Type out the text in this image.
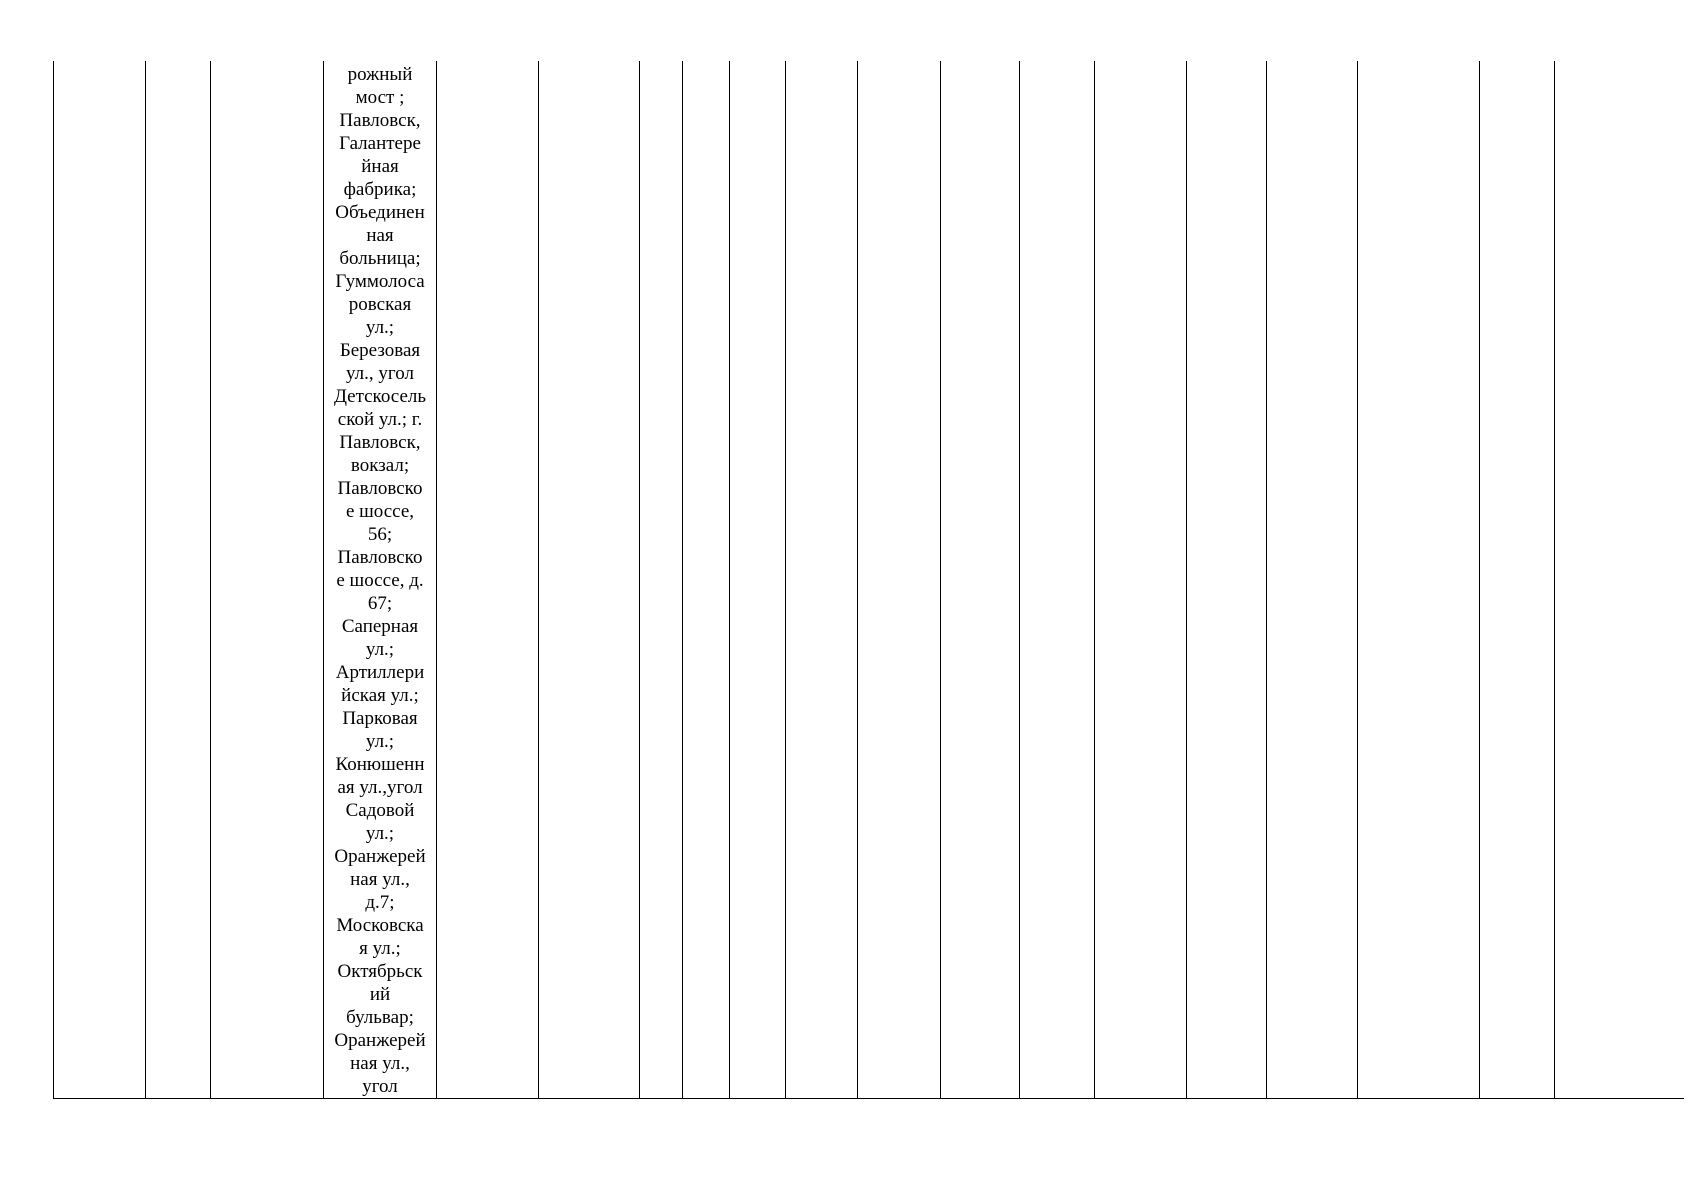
рожный
мост ;
Павловск,
Галантере
йная
фабрика;
Объединен
ная
больница;
Гуммолоса
ровская
ул.;
Березовая
ул., угол
Детскосель
ской ул.; г.
Павловск,
вокзал;
Павловско
е шоссе,
56;
Павловско
е шоссе, д.
67;
Саперная
ул.;
Артиллери
йская ул.;
Парковая
ул.;
Конюшенн
ая ул.,угол
Садовой
ул.;
Оранжерей
ная ул.,
д.7;
Московска
я ул.;
Октябрьск
ий
бульвар;
Оранжерей
ная ул.,
угол
